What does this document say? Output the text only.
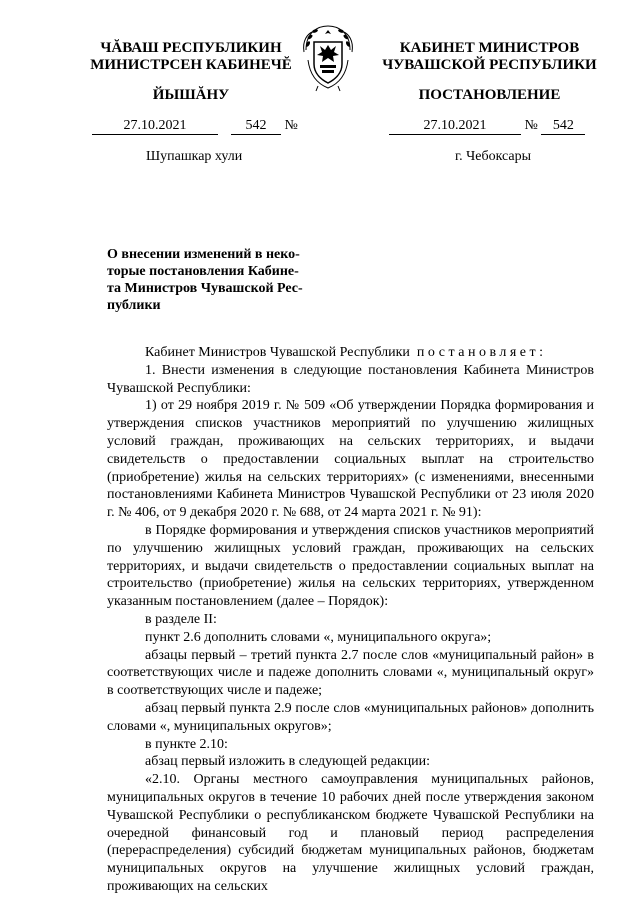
ЧĂВАШ РЕСПУБЛИКИН
МИНИСТРСЕН КАБИНЕЧĔ
ЙЫШĂНУ
КАБИНЕТ МИНИСТРОВ
ЧУВАШСКОЙ РЕСПУБЛИКИ
ПОСТАНОВЛЕНИЕ
27.10.2021	542 №	27.10.2021	№ 542
Шупашкар хули	г. Чебоксары
О внесении изменений в неко-
торые постановления Кабине-
та Министров Чувашской Рес-
публики

Кабинет Министров Чувашской Республики постановляет:

1. Внести изменения в следующие постановления Кабинета Министров Чувашской Республики:

1) от 29 ноября 2019 г. № 509 «Об утверждении Порядка формирования и утверждения списков участников мероприятий по улучшению жилищных условий граждан, проживающих на сельских территориях, и выдачи свидетельств о предоставлении социальных выплат на строительство (приобретение) жилья на сельских территориях» (с изменениями, внесенными постановлениями Кабинета Министров Чувашской Республики от 23 июля 2020 г. № 406, от 9 декабря 2020 г. № 688, от 24 марта 2021 г. № 91):

в Порядке формирования и утверждения списков участников мероприятий по улучшению жилищных условий граждан, проживающих на сельских территориях, и выдачи свидетельств о предоставлении социальных выплат на строительство (приобретение) жилья на сельских территориях, утвержденном указанным постановлением (далее – Порядок):

в разделе II:

пункт 2.6 дополнить словами «, муниципального округа»;

абзацы первый – третий пункта 2.7 после слов «муниципальный район» в соответствующих числе и падеже дополнить словами «, муниципальный округ» в соответствующих числе и падеже;

абзац первый пункта 2.9 после слов «муниципальных районов» дополнить словами «, муниципальных округов»;

в пункте 2.10:

абзац первый изложить в следующей редакции:

«2.10. Органы местного самоуправления муниципальных районов, муниципальных округов в течение 10 рабочих дней после утверждения законом Чувашской Республики о республиканском бюджете Чувашской Республики на очередной финансовый год и плановый период распределения (перераспределения) субсидий бюджетам муниципальных районов, бюджетам муниципальных округов на улучшение жилищных условий граждан, проживающих на сельских
